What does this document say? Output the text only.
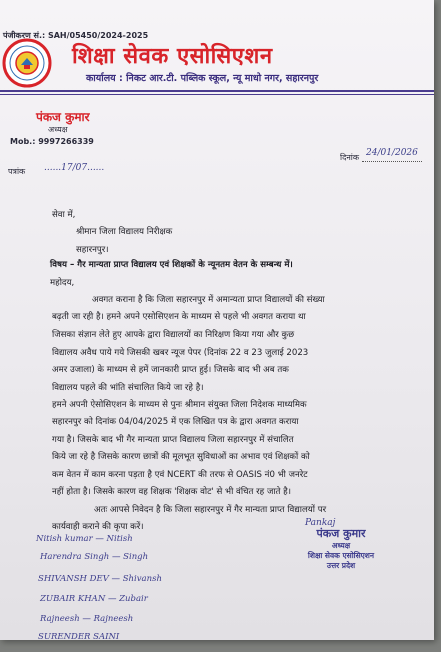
पंजीकरण सं.: SAH/05450/2024-2025
शिक्षा सेवक एसोसिएशन
कार्यालय : निकट आर.टी. पब्लिक स्कूल, न्यू माधो नगर, सहारनपुर
पंकज कुमार
अध्यक्ष
Mob.: 9997266339
दिनांक 24/01/2026
पत्रांक ......17/07......
सेवा में,
श्रीमान जिला विद्यालय निरीक्षक
सहारनपुर।
विषय – गैर मान्यता प्राप्त विद्यालय एवं शिक्षकों के न्यूनतम वेतन के सम्बन्ध में।
महोदय,
अवगत कराना है कि जिला सहारनपुर में अमान्यता प्राप्त विद्यालयों की संख्या
बढ़ती जा रही है। हमने अपने एसोसिएशन के माध्यम से पहले भी अवगत कराया था
जिसका संज्ञान लेते हुए आपके द्वारा विद्यालयों का निरिक्षण किया गया और कुछ
विद्यालय अवैध पाये गये जिसकी खबर न्यूज पेपर (दिनांक 22 व 23 जुलाई 2023
अमर उजाला) के माध्यम से हमें जानकारी प्राप्त हुई। जिसके बाद भी अब तक
विद्यालय पहले की भांति संचालित किये जा रहे है।
हमने अपनी ऐसोसिएशन के माध्यम से पुनः श्रीमान संयुक्त जिला निदेशक माध्यमिक
सहारनपुर को दिनांक 04/04/2025 में एक लिखित पत्र के द्वारा अवगत कराया
गया है। जिसके बाद भी गैर मान्यता प्राप्त विद्यालय जिला सहारनपुर में संचालित
किये जा रहे है जिसके कारण छात्रों की मूलभूत सुविधाओं का अभाव एवं शिक्षकों को
कम वेतन में काम करना पड़ता है एवं NCERT की तरफ से OASIS नं0 भी जनरेट
नहीं होता है। जिसके कारण वह शिक्षक 'शिक्षक वोट' से भी वंचित रह जाते है।
अतः आपसे निवेदन है कि जिला सहारनपुर में गैर मान्यता प्राप्त विद्यालयों पर
कार्यवाही कराने की कृपा करें।
Nitish kumar — Nitish
Harendra Singh — Singh
SHIVANSH DEV — Shivansh
ZUBAIR KHAN — Zubair
Rajneesh — Rajneesh
SURENDER SAINI
Pankaj
पंकज कुमार
अध्यक्ष
शिक्षा सेवक एसोसिएशन
उत्तर प्रदेश
